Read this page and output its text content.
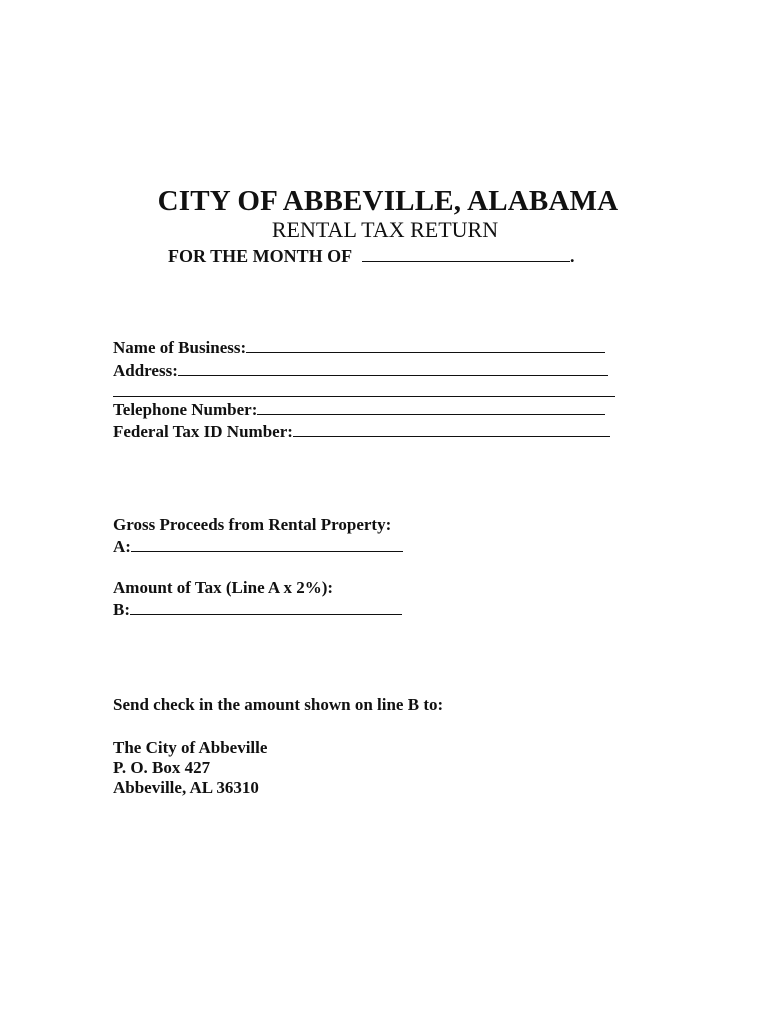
CITY OF ABBEVILLE, ALABAMA
RENTAL TAX RETURN
FOR THE MONTH OF	.
Name of Business:
Address:
Telephone Number:
Federal Tax ID Number:
Gross Proceeds from Rental Property:
A:
Amount of Tax (Line A x 2%):
B:
Send check in the amount shown on line B to:
The City of Abbeville
P. O. Box 427
Abbeville, AL 36310
